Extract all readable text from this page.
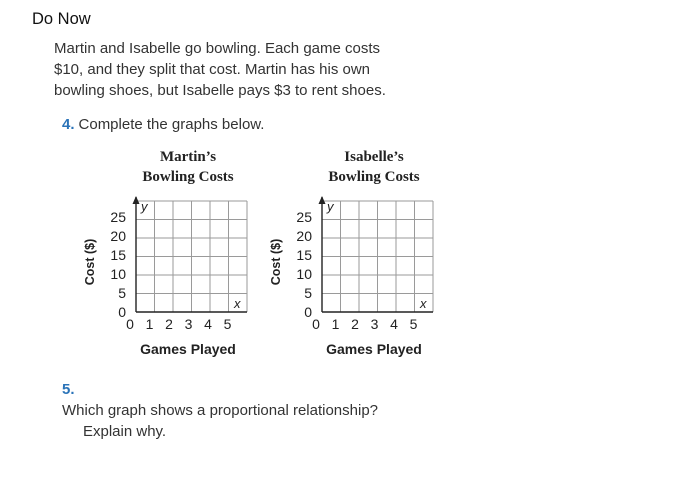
Do Now
Martin and Isabelle go bowling. Each game costs
$10, and they split that cost. Martin has his own
bowling shoes, but Isabelle pays $3 to rent shoes.
4. Complete the graphs below.
Martin’s
Bowling Costs
y
x
0
5
10
15
20
25
0 1 2 3 4 5
Cost ($)
Games Played
Isabelle’s
Bowling Costs
y
x
0
5
10
15
20
25
0 1 2 3 4 5
Cost ($)
Games Played
5.
Which graph shows a proportional relationship?
Explain why.
